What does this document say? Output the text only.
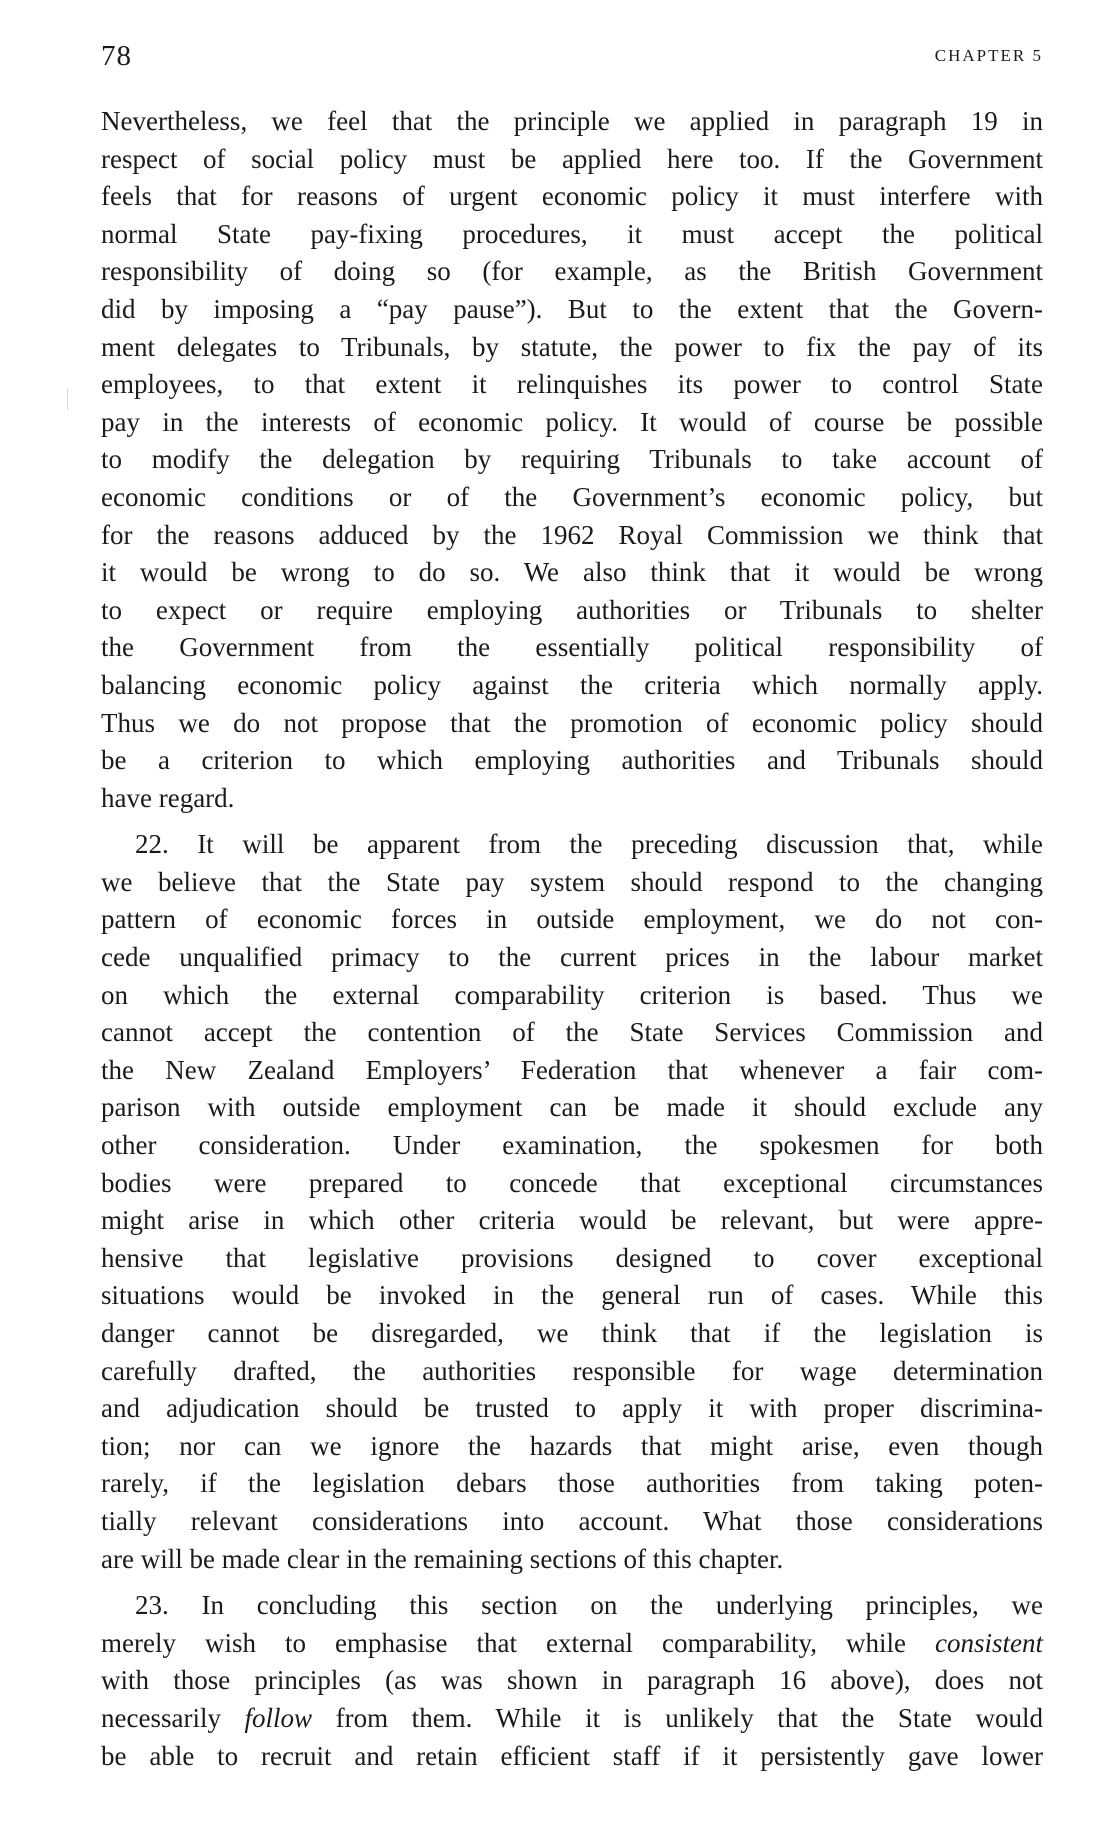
78	CHAPTER 5

Nevertheless, we feel that the principle we applied in paragraph 19 in
respect of social policy must be applied here too. If the Government
feels that for reasons of urgent economic policy it must interfere with
normal State pay-fixing procedures, it must accept the political
responsibility of doing so (for example, as the British Government
did by imposing a “pay pause”). But to the extent that the Govern-
ment delegates to Tribunals, by statute, the power to fix the pay of its
employees, to that extent it relinquishes its power to control State
pay in the interests of economic policy. It would of course be possible
to modify the delegation by requiring Tribunals to take account of
economic conditions or of the Government’s economic policy, but
for the reasons adduced by the 1962 Royal Commission we think that
it would be wrong to do so. We also think that it would be wrong
to expect or require employing authorities or Tribunals to shelter
the Government from the essentially political responsibility of
balancing economic policy against the criteria which normally apply.
Thus we do not propose that the promotion of economic policy should
be a criterion to which employing authorities and Tribunals should
have regard.

22. It will be apparent from the preceding discussion that, while
we believe that the State pay system should respond to the changing
pattern of economic forces in outside employment, we do not con-
cede unqualified primacy to the current prices in the labour market
on which the external comparability criterion is based. Thus we
cannot accept the contention of the State Services Commission and
the New Zealand Employers’ Federation that whenever a fair com-
parison with outside employment can be made it should exclude any
other consideration. Under examination, the spokesmen for both
bodies were prepared to concede that exceptional circumstances
might arise in which other criteria would be relevant, but were appre-
hensive that legislative provisions designed to cover exceptional
situations would be invoked in the general run of cases. While this
danger cannot be disregarded, we think that if the legislation is
carefully drafted, the authorities responsible for wage determination
and adjudication should be trusted to apply it with proper discrimina-
tion; nor can we ignore the hazards that might arise, even though
rarely, if the legislation debars those authorities from taking poten-
tially relevant considerations into account. What those considerations
are will be made clear in the remaining sections of this chapter.

23. In concluding this section on the underlying principles, we
merely wish to emphasise that external comparability, while consistent
with those principles (as was shown in paragraph 16 above), does not
necessarily follow from them. While it is unlikely that the State would
be able to recruit and retain efficient staff if it persistently gave lower
